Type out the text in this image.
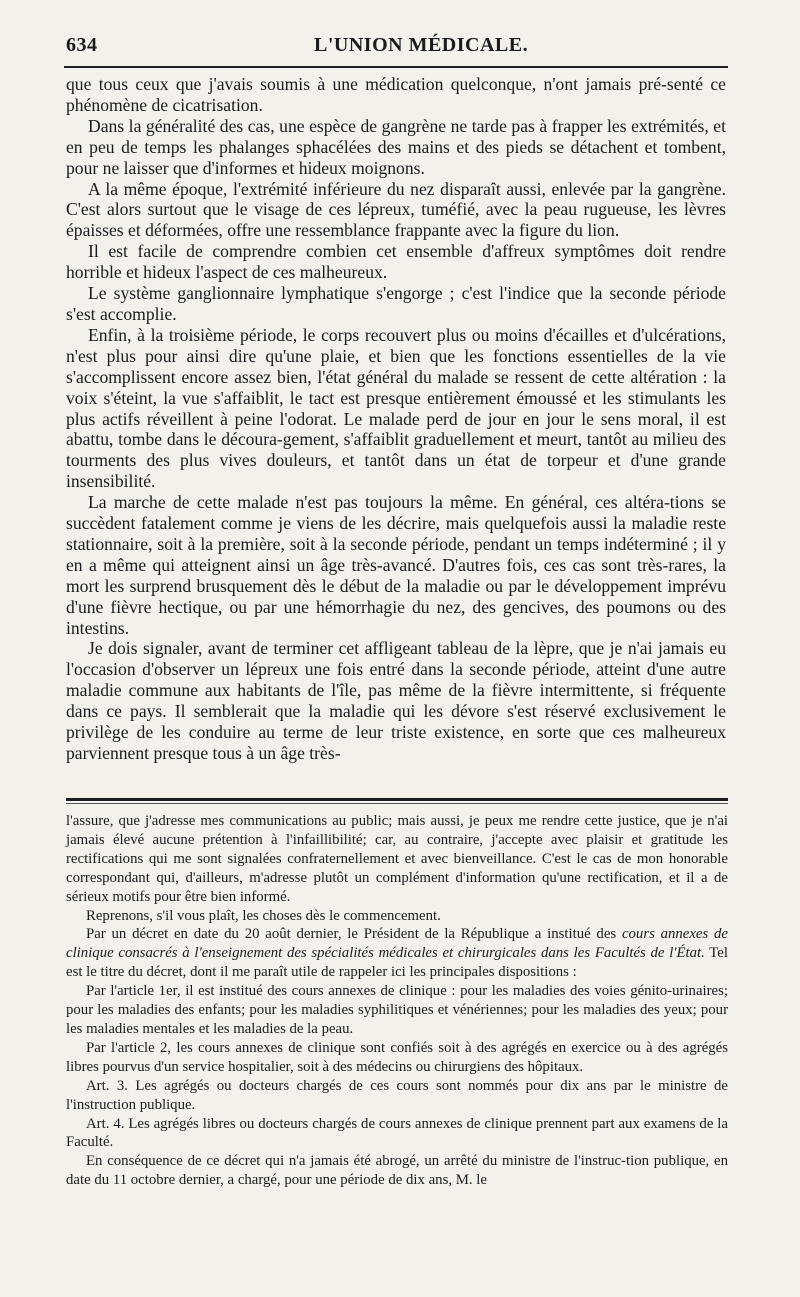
634	L'UNION MÉDICALE.

que tous ceux que j'avais soumis à une médication quelconque, n'ont jamais pré-senté ce phénomène de cicatrisation.

Dans la généralité des cas, une espèce de gangrène ne tarde pas à frapper les extrémités, et en peu de temps les phalanges sphacélées des mains et des pieds se détachent et tombent, pour ne laisser que d'informes et hideux moignons.

A la même époque, l'extrémité inférieure du nez disparaît aussi, enlevée par la gangrène. C'est alors surtout que le visage de ces lépreux, tuméfié, avec la peau rugueuse, les lèvres épaisses et déformées, offre une ressemblance frappante avec la figure du lion.

Il est facile de comprendre combien cet ensemble d'affreux symptômes doit rendre horrible et hideux l'aspect de ces malheureux.

Le système ganglionnaire lymphatique s'engorge ; c'est l'indice que la seconde période s'est accomplie.

Enfin, à la troisième période, le corps recouvert plus ou moins d'écailles et d'ulcérations, n'est plus pour ainsi dire qu'une plaie, et bien que les fonctions essentielles de la vie s'accomplissent encore assez bien, l'état général du malade se ressent de cette altération : la voix s'éteint, la vue s'affaiblit, le tact est presque entièrement émoussé et les stimulants les plus actifs réveillent à peine l'odorat. Le malade perd de jour en jour le sens moral, il est abattu, tombe dans le découra-gement, s'affaiblit graduellement et meurt, tantôt au milieu des tourments des plus vives douleurs, et tantôt dans un état de torpeur et d'une grande insensibilité.

La marche de cette malade n'est pas toujours la même. En général, ces altéra-tions se succèdent fatalement comme je viens de les décrire, mais quelquefois aussi la maladie reste stationnaire, soit à la première, soit à la seconde période, pendant un temps indéterminé ; il y en a même qui atteignent ainsi un âge très-avancé. D'autres fois, ces cas sont très-rares, la mort les surprend brusquement dès le début de la maladie ou par le développement imprévu d'une fièvre hectique, ou par une hémorrhagie du nez, des gencives, des poumons ou des intestins.

Je dois signaler, avant de terminer cet affligeant tableau de la lèpre, que je n'ai jamais eu l'occasion d'observer un lépreux une fois entré dans la seconde période, atteint d'une autre maladie commune aux habitants de l'île, pas même de la fièvre intermittente, si fréquente dans ce pays. Il semblerait que la maladie qui les dévore s'est réservé exclusivement le privilège de les conduire au terme de leur triste existence, en sorte que ces malheureux parviennent presque tous à un âge très-

l'assure, que j'adresse mes communications au public; mais aussi, je peux me rendre cette justice, que je n'ai jamais élevé aucune prétention à l'infaillibilité; car, au contraire, j'accepte avec plaisir et gratitude les rectifications qui me sont signalées confraternellement et avec bienveillance. C'est le cas de mon honorable correspondant qui, d'ailleurs, m'adresse plutôt un complément d'information qu'une rectification, et il a de sérieux motifs pour être bien informé.

Reprenons, s'il vous plaît, les choses dès le commencement.

Par un décret en date du 20 août dernier, le Président de la République a institué des cours annexes de clinique consacrés à l'enseignement des spécialités médicales et chirurgicales dans les Facultés de l'État. Tel est le titre du décret, dont il me paraît utile de rappeler ici les principales dispositions :

Par l'article 1er, il est institué des cours annexes de clinique : pour les maladies des voies génito-urinaires; pour les maladies des enfants; pour les maladies syphilitiques et vénériennes; pour les maladies des yeux; pour les maladies mentales et les maladies de la peau.

Par l'article 2, les cours annexes de clinique sont confiés soit à des agrégés en exercice ou à des agrégés libres pourvus d'un service hospitalier, soit à des médecins ou chirurgiens des hôpitaux.

Art. 3. Les agrégés ou docteurs chargés de ces cours sont nommés pour dix ans par le ministre de l'instruction publique.

Art. 4. Les agrégés libres ou docteurs chargés de cours annexes de clinique prennent part aux examens de la Faculté.

En conséquence de ce décret qui n'a jamais été abrogé, un arrêté du ministre de l'instruc-tion publique, en date du 11 octobre dernier, a chargé, pour une période de dix ans, M. le
